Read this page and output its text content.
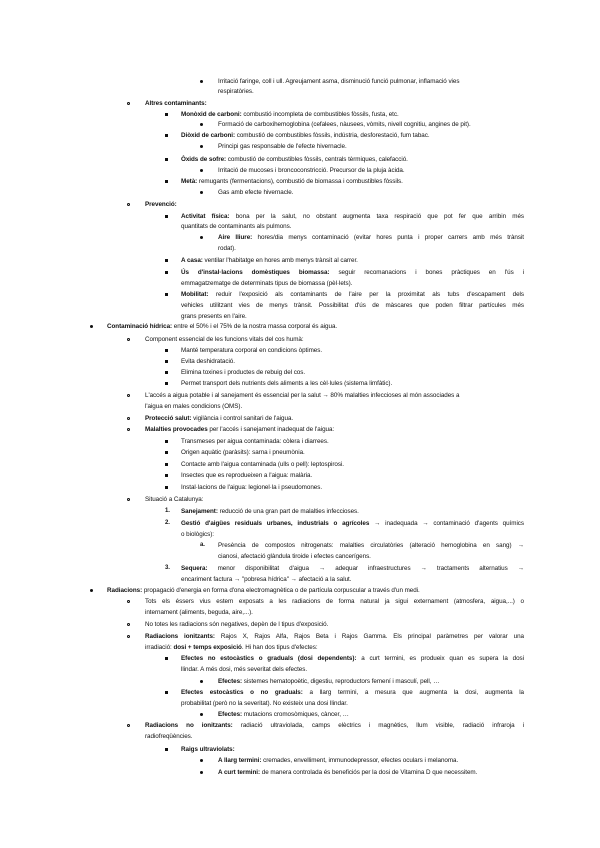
Irritació faringe, coll i ull. Agreujament asma, disminució funció pulmonar, inflamació vies
respiratòries.
Altres contaminants:
Monòxid de carboni: combustió incompleta de combustibles fòssils, fusta, etc.
Formació de carboxihemoglobina (cefalees, nàusees, vòmits, nivell cognitiu, angines de pit).
Diòxid de carboni: combustió de combustibles fòssils, indústria, desforestació, fum tabac.
Principi gas responsable de l'efecte hivernacle.
Òxids de sofre: combustió de combustibles fòssils, centrals tèrmiques, calefacció.
Irritació de mucoses i broncoconstricció. Precursor de la pluja àcida.
Metà: remugants (fermentacions), combustió de biomassa i combustibles fòssils.
Gas amb efecte hivernacle.
Prevenció:
Activitat física: bona per la salut, no obstant augmenta taxa respiració que pot fer que arribin més
quantitats de contaminants als pulmons.
Aire lliure: hores/dia menys contaminació (evitar hores punta i proper carrers amb més trànsit
rodat).
A casa: ventilar l'habitatge en hores amb menys trànsit al carrer.
Ús d'instal·lacions domèstiques biomassa: seguir recomanacions i bones pràctiques en l'ús i
emmagatzematge de determinats tipus de biomassa (pèl·lets).
Mobilitat: reduir l'exposició als contaminants de l'aire per la proximitat als tubs d'escapament dels
vehicles utilitzant vies de menys trànsit. Possibilitat d'ús de màscares que poden filtrar partícules més
grans presents en l'aire.
Contaminació hídrica: entre el 50% i el 75% de la nostra massa corporal és aigua.
Component essencial de les funcions vitals del cos humà:
Manté temperatura corporal en condicions òptimes.
Evita deshidratació.
Elimina toxines i productes de rebuig del cos.
Permet transport dels nutrients dels aliments a les cèl·lules (sistema limfàtic).
L'accés a aigua potable i al sanejament és essencial per la salut → 80% malalties infeccioses al món associades a
l'aigua en males condicions (OMS).
Protecció salut: vigilància i control sanitari de l'aigua.
Malalties provocades per l'accés i sanejament inadequat de l'aigua:
Transmeses per aigua contaminada: còlera i diarrees.
Origen aquàtic (paràsits): sarna i pneumònia.
Contacte amb l'aigua contaminada (ulls o pell): leptospirosi.
Insectes que es reprodueixen a l'aigua: malària.
Instal·lacions de l'aigua: legionel·la i pseudomones.
Situació a Catalunya:
1. Sanejament: reducció de una gran part de malalties infeccioses.
2. Gestió d'aigües residuals urbanes, industrials o agrícoles → inadequada → contaminació d'agents químics
o biològics):
a. Presència de compostos nitrogenats: malalties circulatòries (alteració hemoglobina en sang) →
cianosi, afectació glàndula tiroide i efectes cancerígens.
3. Sequera: menor disponibilitat d'aigua → adequar infraestructures → tractaments alternatius →
encariment factura → "pobresa hídrica" → afectació a la salut.
Radiacions: propagació d'energia en forma d'ona electromagnètica o de partícula corpuscular a través d'un medi.
Tots els éssers vius estem exposats a les radiacions de forma natural ja sigui externament (atmosfera, aigua,...) o
internament (aliments, beguda, aire,...).
No totes les radiacions són negatives, depèn de l tipus d'exposició.
Radiacions ionitzants: Rajos X, Rajos Alfa, Rajos Beta i Rajos Gamma. Els principal paràmetres per valorar una
irradiació: dosi + temps exposició. Hi han dos tipus d'efectes:
Efectes no estocàstics o graduals (dosi dependents): a curt termini, es produeix quan es supera la dosi
llindar. A més dosi, més severitat dels efectes.
Efectes: sistemes hematopoètic, digestiu, reproductors femení i masculí, pell, …
Efectes estocàstics o no graduals: a llarg termini, a mesura que augmenta la dosi, augmenta la
probabilitat (però no la severitat). No existeix una dosi llindar.
Efectes: mutacions cromosòmiques, càncer, …
Radiacions no ionitzants: radiació ultraviolada, camps elèctrics i magnètics, llum visible, radiació infraroja i
radiofreqüències.
Raigs ultraviolats:
A llarg termini: cremades, envelliment, immunodepressor, efectes oculars i melanoma.
A curt termini: de manera controlada és beneficiós per la dosi de Vitamina D que necessitem.
